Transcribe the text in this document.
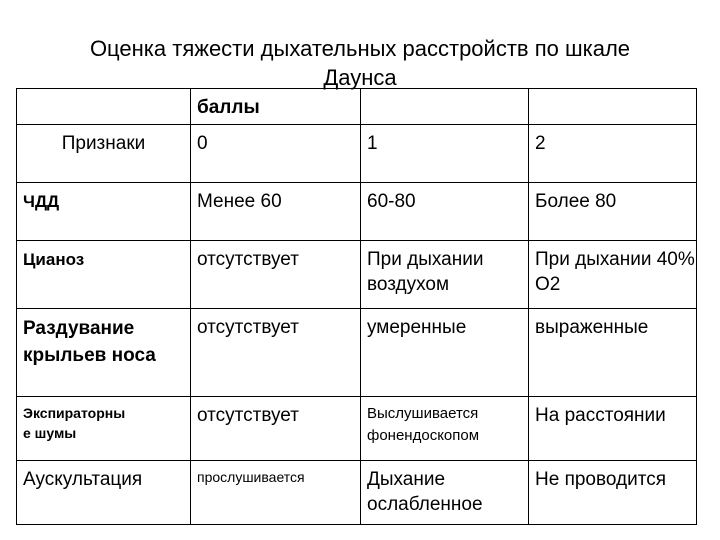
Оценка тяжести дыхательных расстройств по шкале
Даунса
	баллы		
Признаки	0	1	2
ЧДД	Менее 60	60-80	Более 80
Цианоз	отсутствует	При дыхании воздухом	При дыхании 40% О2
Раздувание крыльев носа	отсутствует	умеренные	выраженные

Экспираторны
е шумы	отсутствует	Выслушивается фонендоскопом	На расстоянии
Аускультация	прослушивается	Дыхание ослабленное	Не проводится
